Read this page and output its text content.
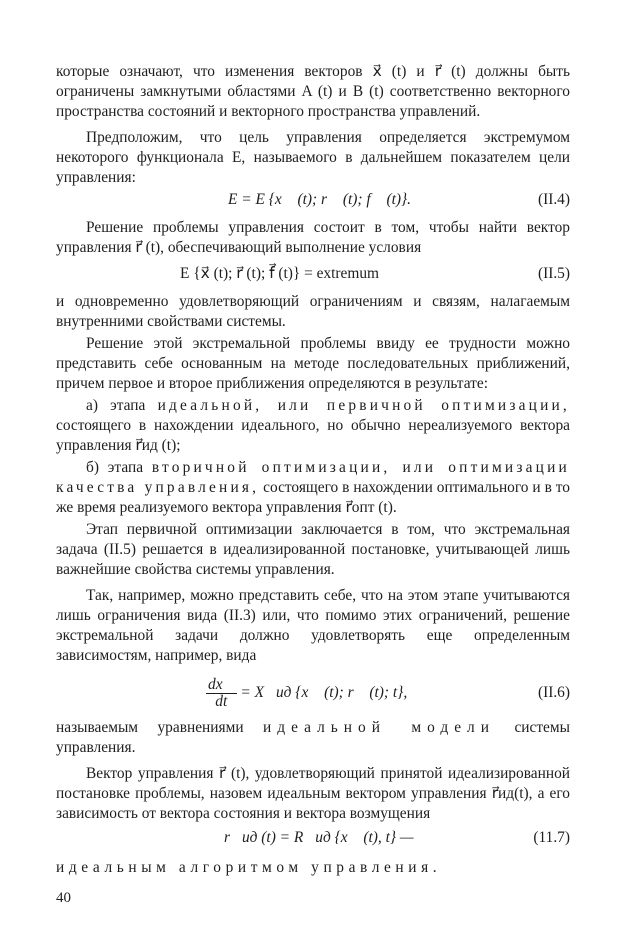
которые означают, что изменения векторов x⃗ (t) и r⃗ (t) должны быть ограничены замкнутыми областями A (t) и B (t) соответственно векторного пространства состояний и векторного пространства управлений.

Предположим, что цель управления определяется экстремумом некоторого функционала E, называемого в дальнейшем показателем цели управления:

E = E {x⃗ (t); r⃗ (t); f⃗ (t)}.	(II.4)

Решение проблемы управления состоит в том, чтобы найти вектор управления r⃗ (t), обеспечивающий выполнение условия

E {x⃗ (t); r⃗ (t); f⃗ (t)} = extremum	(II.5)

и одновременно удовлетворяющий ограничениям и связям, налагаемым внутренними свойствами системы.

Решение этой экстремальной проблемы ввиду ее трудности можно представить себе основанным на методе последовательных приближений, причем первое и второе приближения определяются в результате:

а) этапа идеальной, или первичной оптимизации, состоящего в нахождении идеального, но обычно нереализуемого вектора управления r⃗ид (t);

б) этапа вторичной оптимизации, или оптимизации качества управления, состоящего в нахождении оптимального и в то же время реализуемого вектора управления r⃗опт (t).

Этап первичной оптимизации заключается в том, что экстремальная задача (II.5) решается в идеализированной постановке, учитывающей лишь важнейшие свойства системы управления.

Так, например, можно представить себе, что на этом этапе учитываются лишь ограничения вида (II.3) или, что помимо этих ограничений, решение экстремальной задачи должно удовлетворять еще определенным зависимостям, например, вида

$\frac{dx⃗}{dt}$ = X⃗ид {x⃗ (t); r⃗ (t); t},	(II.6)

называемым уравнениями идеальной модели системы управления.

Вектор управления r⃗ (t), удовлетворяющий принятой идеализированной постановке проблемы, назовем идеальным вектором управления r⃗ид(t), а его зависимость от вектора состояния и вектора возмущения

r⃗ид (t) = R⃗ид {x⃗ (t), t} —	(11.7)

идеальным алгоритмом управления.

40
